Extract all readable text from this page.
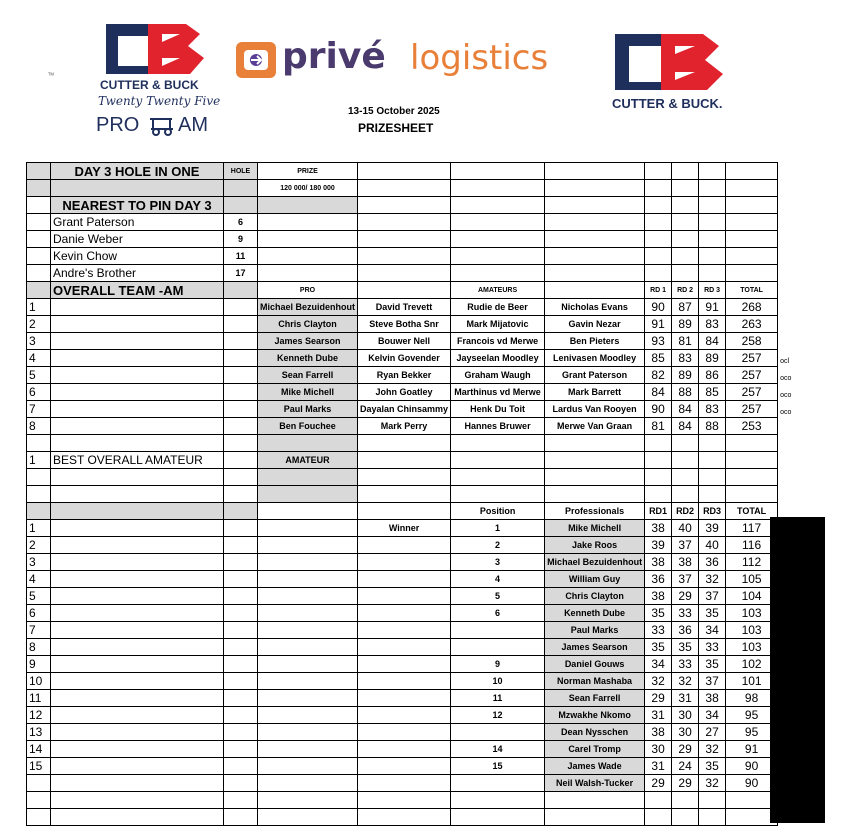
CUTTER & BUCK
Twenty Twenty Five
PRO AM
ᵀᴹ	privé logistics
CUTTER & BUCK.
13-15 October 2025
PRIZESHEET
	DAY 3 HOLE IN ONE	HOLE	PRIZE							
			120 000/ 180 000							
	NEAREST TO PIN DAY 3									
	Grant Paterson	6								
	Danie Weber	9								
	Kevin Chow	11								
	Andre's Brother	17								
	OVERALL TEAM -AM		PRO		AMATEURS		RD 1	RD 2	RD 3	TOTAL
1			Michael Bezuidenhout	David Trevett	Rudie de Beer	Nicholas Evans	90	87	91	268
2			Chris Clayton	Steve Botha Snr	Mark Mijatovic	Gavin Nezar	91	89	83	263
3			James Searson	Bouwer Nell	Francois vd Merwe	Ben Pieters	93	81	84	258
4			Kenneth Dube	Kelvin Govender	Jayseelan Moodley	Lenivasen Moodley	85	83	89	257 ocl

5			Sean Farrell	Ryan Bekker	Graham Waugh	Grant Paterson	82	89	86	257 oco

6			Mike Michell	John Goatley	Marthinus vd Merwe	Mark Barrett	84	88	85	257 oco

7			Paul Marks	Dayalan Chinsammy	Henk Du Toit	Lardus Van Rooyen	90	84	83	257 oco

8			Ben Fouchee	Mark Perry	Hannes Bruwer	Merwe Van Graan	81	84	88	253

1	BEST OVERALL AMATEUR		AMATEUR							

					Position	Professionals	RD1	RD2	RD3	TOTAL
1				Winner	1	Mike Michell	38	40	39	117
2					2	Jake Roos	39	37	40	116
3					3	Michael Bezuidenhout	38	38	36	112
4					4	William Guy	36	37	32	105
5					5	Chris Clayton	38	29	37	104
6					6	Kenneth Dube	35	33	35	103
7						Paul Marks	33	36	34	103
8						James Searson	35	35	33	103
9					9	Daniel Gouws	34	33	35	102
10					10	Norman Mashaba	32	32	37	101
11					11	Sean Farrell	29	31	38	98
12					12	Mzwakhe Nkomo	31	30	34	95
13						Dean Nysschen	38	30	27	95
14					14	Carel Tromp	30	29	32	91
15					15	James Wade	31	24	35	90
						Neil Walsh-Tucker	29	29	32	90
